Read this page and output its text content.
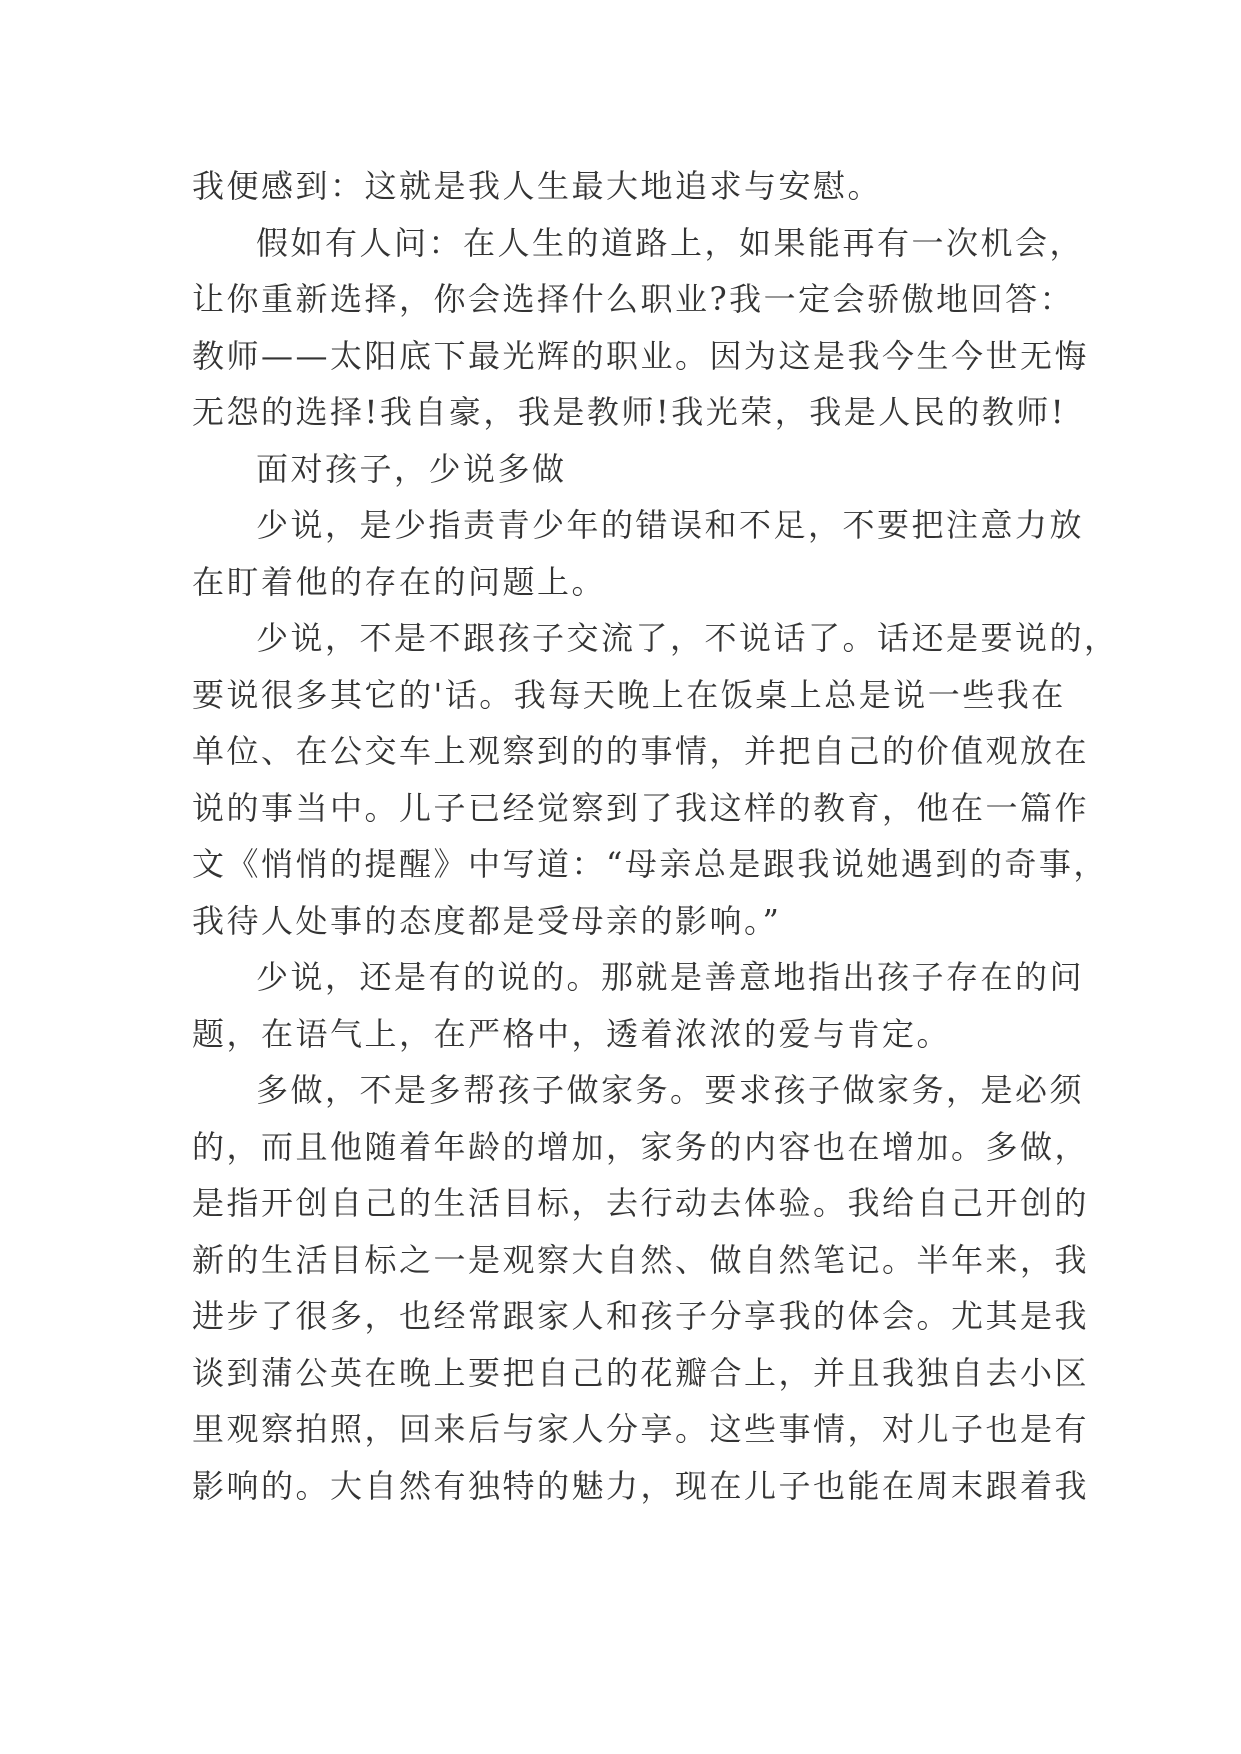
我便感到：这就是我人生最大地追求与安慰。
假如有人问：在人生的道路上，如果能再有一次机会，
让你重新选择，你会选择什么职业?我一定会骄傲地回答：
教师——太阳底下最光辉的职业。因为这是我今生今世无悔
无怨的选择!我自豪，我是教师!我光荣，我是人民的教师!
面对孩子，少说多做
少说，是少指责青少年的错误和不足，不要把注意力放
在盯着他的存在的问题上。
少说，不是不跟孩子交流了，不说话了。话还是要说的，
要说很多其它的'话。我每天晚上在饭桌上总是说一些我在
单位、在公交车上观察到的的事情，并把自己的价值观放在
说的事当中。儿子已经觉察到了我这样的教育，他在一篇作
文《悄悄的提醒》中写道：“母亲总是跟我说她遇到的奇事，
我待人处事的态度都是受母亲的影响。”
少说，还是有的说的。那就是善意地指出孩子存在的问
题，在语气上，在严格中，透着浓浓的爱与肯定。
多做，不是多帮孩子做家务。要求孩子做家务，是必须
的，而且他随着年龄的增加，家务的内容也在增加。多做，
是指开创自己的生活目标，去行动去体验。我给自己开创的
新的生活目标之一是观察大自然、做自然笔记。半年来，我
进步了很多，也经常跟家人和孩子分享我的体会。尤其是我
谈到蒲公英在晚上要把自己的花瓣合上，并且我独自去小区
里观察拍照，回来后与家人分享。这些事情，对儿子也是有
影响的。大自然有独特的魅力，现在儿子也能在周末跟着我
